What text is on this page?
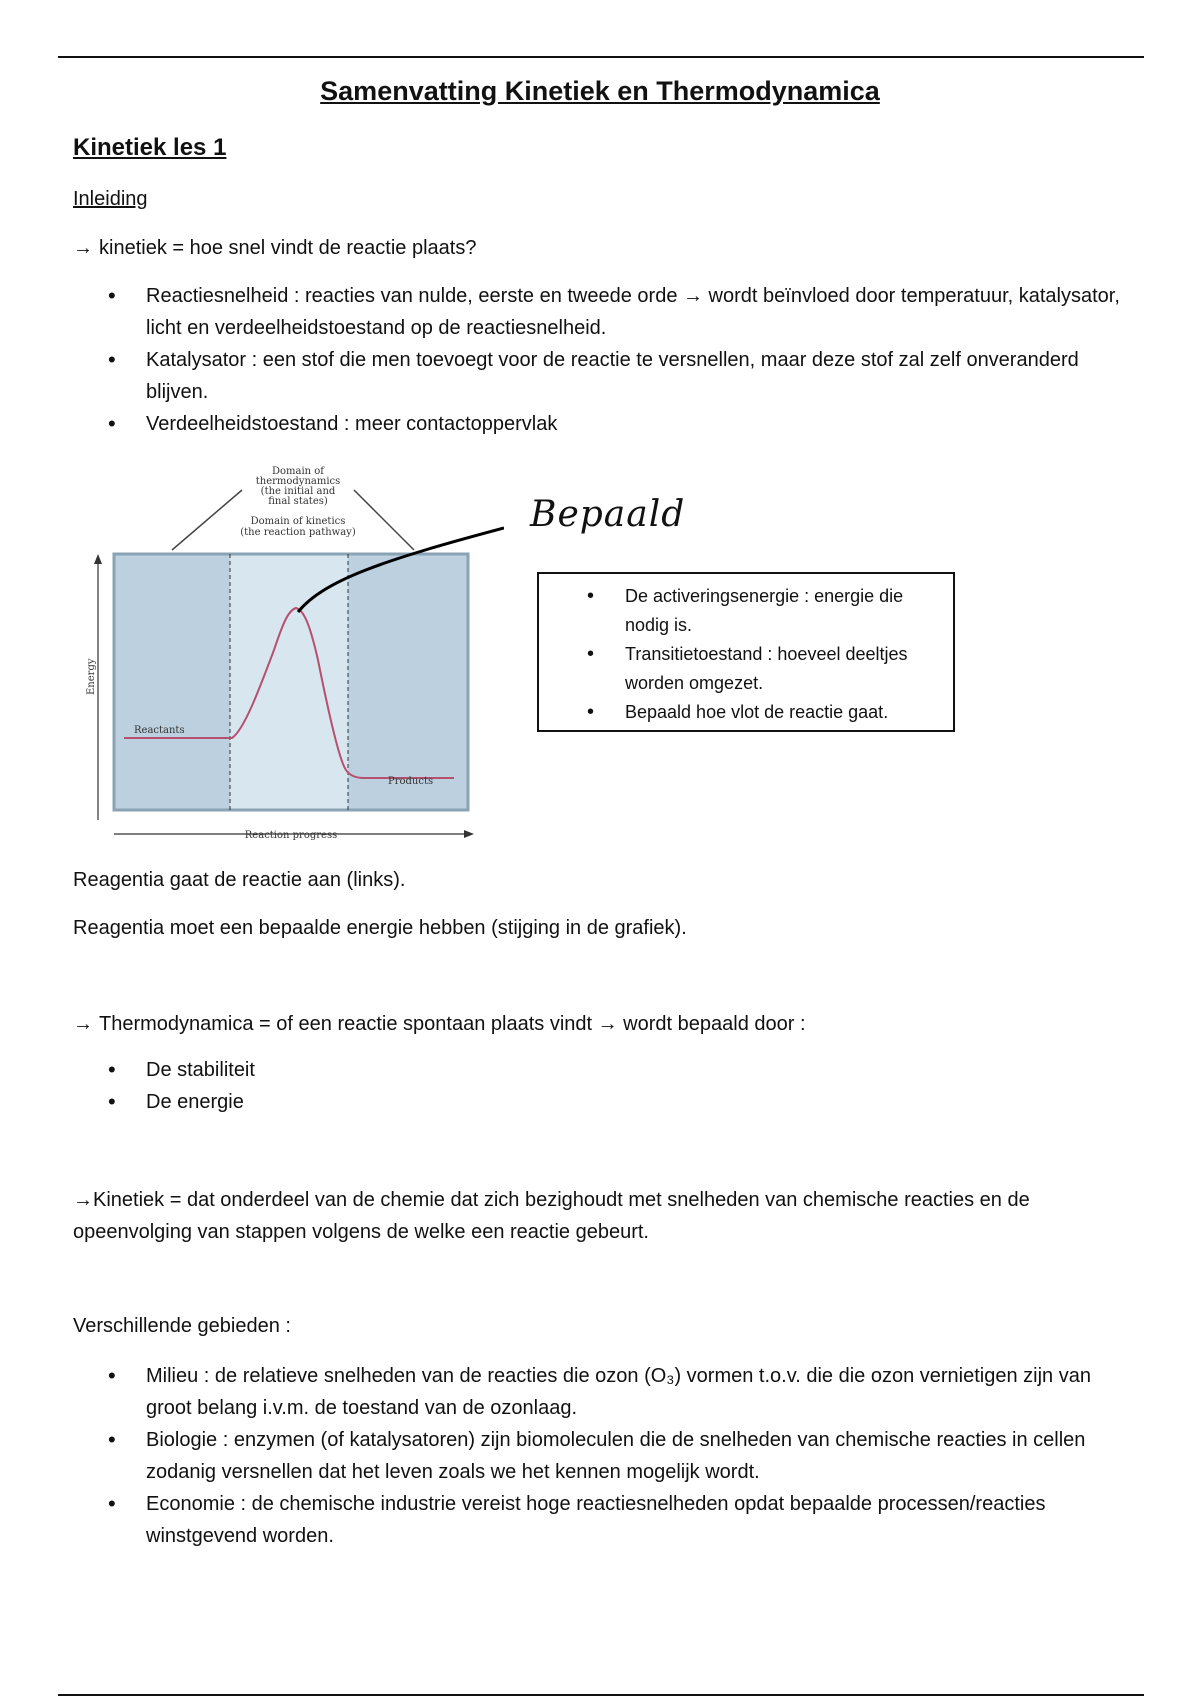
Samenvatting Kinetiek en Thermodynamica
Kinetiek les 1
Inleiding
→ kinetiek = hoe snel vindt de reactie plaats?
• Reactiesnelheid : reacties van nulde, eerste en tweede orde → wordt beïnvloed door temperatuur, katalysator, licht en verdeelheidstoestand op de reactiesnelheid.
• Katalysator : een stof die men toevoegt voor de reactie te versnellen, maar deze stof zal zelf onveranderd blijven.
• Verdeelheidstoestand : meer contactoppervlak
Domain of
thermodynamics
(the initial and
final states)
Domain of kinetics
(the reaction pathway)
Energy
Reaction progress
Reactants
Products
Bepaald
• De activeringsenergie : energie die nodig is.
• Transitietoestand : hoeveel deeltjes worden omgezet.
• Bepaald hoe vlot de reactie gaat.
Reagentia gaat de reactie aan (links).
Reagentia moet een bepaalde energie hebben (stijging in de grafiek).
→ Thermodynamica = of een reactie spontaan plaats vindt → wordt bepaald door :
• De stabiliteit
• De energie
→Kinetiek = dat onderdeel van de chemie dat zich bezighoudt met snelheden van chemische reacties en de opeenvolging van stappen volgens de welke een reactie gebeurt.
Verschillende gebieden :
• Milieu : de relatieve snelheden van de reacties die ozon (O₃) vormen t.o.v. die die ozon vernietigen zijn van groot belang i.v.m. de toestand van de ozonlaag.
• Biologie : enzymen (of katalysatoren) zijn biomoleculen die de snelheden van chemische reacties in cellen zodanig versnellen dat het leven zoals we het kennen mogelijk wordt.
• Economie : de chemische industrie vereist hoge reactiesnelheden opdat bepaalde processen/reacties winstgevend worden.
